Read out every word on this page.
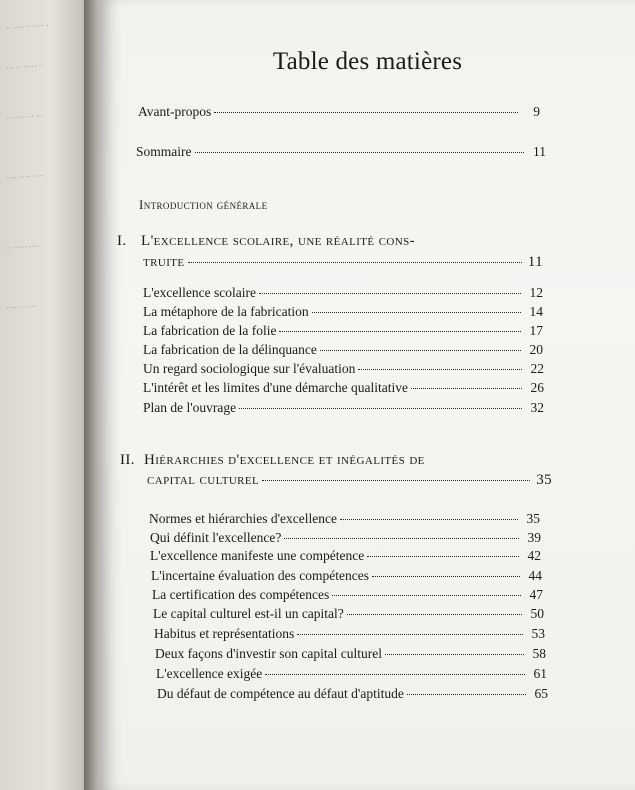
·· ···· ·· ···· ·
··· ·· ····· ··
·· ····· ·· ···
···· ·· ·· ····
·· ····· ····
····· ·· ···
Table des matières
Avant-propos	9
Sommaire	11
Introduction générale
I. L'excellence scolaire, une réalité cons-
truite	11
L'excellence scolaire	12
La métaphore de la fabrication	14
La fabrication de la folie	17
La fabrication de la délinquance	20
Un regard sociologique sur l'évaluation	22
L'intérêt et les limites d'une démarche qualitative	26
Plan de l'ouvrage	32
II. Hiérarchies d'excellence et inégalités de
capital culturel	35
Normes et hiérarchies d'excellence	35
Qui définit l'excellence?	39
L'excellence manifeste une compétence	42
L'incertaine évaluation des compétences	44
La certification des compétences	47
Le capital culturel est-il un capital?	50
Habitus et représentations	53
Deux façons d'investir son capital culturel	58
L'excellence exigée	61
Du défaut de compétence au défaut d'aptitude	65
